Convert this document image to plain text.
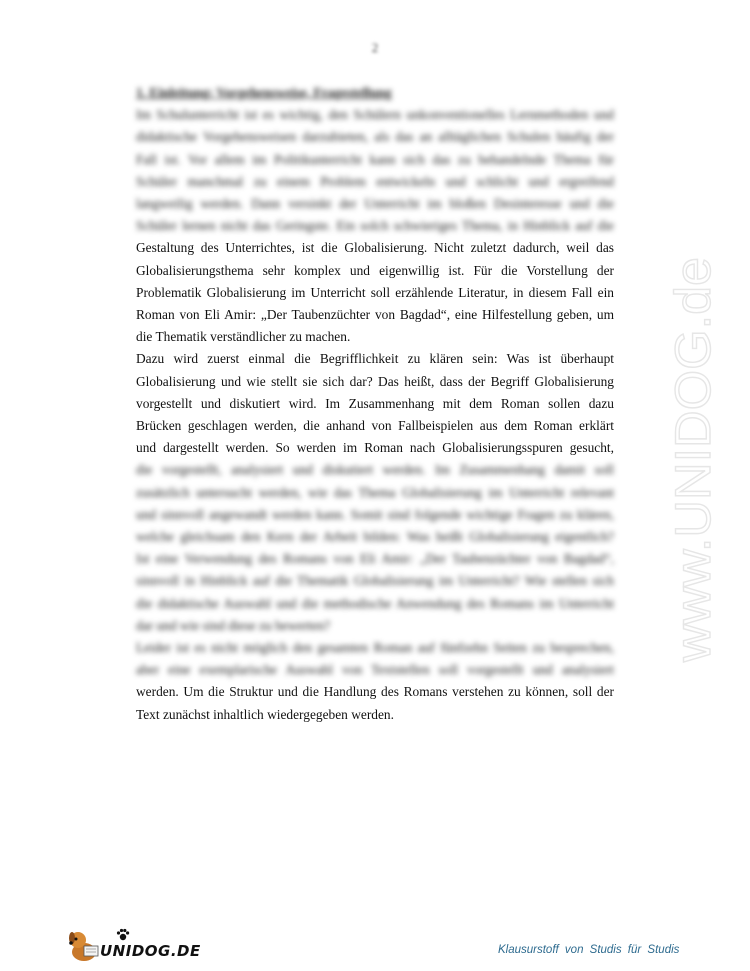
2
1. Einleitung: Vorgehensweise, Fragestellung
Im Schulunterricht ist es wichtig, den Schülern unkonventionelles Lernmethoden und
didaktische Vorgehensweisen darzubieten, als das an alltäglichen Schulen häufig der
Fall ist. Vor allem im Politikunterricht kann sich das zu behandelnde Thema für
Schüler manchmal zu einem Problem entwickeln und schlicht und ergreifend
langweilig werden. Dann versinkt der Unterricht im bloßen Desinteresse und die
Schüler lernen nicht das Geringste. Ein solch schwieriges Thema, in Hinblick auf die
Gestaltung des Unterrichtes, ist die Globalisierung. Nicht zuletzt dadurch, weil das
Globalisierungsthema sehr komplex und eigenwillig ist. Für die Vorstellung der
Problematik Globalisierung im Unterricht soll erzählende Literatur, in diesem Fall ein
Roman von Eli Amir: „Der Taubenzüchter von Bagdad“, eine Hilfestellung geben, um
die Thematik verständlicher zu machen.
Dazu wird zuerst einmal die Begrifflichkeit zu klären sein: Was ist überhaupt
Globalisierung und wie stellt sie sich dar? Das heißt, dass der Begriff Globalisierung
vorgestellt und diskutiert wird. Im Zusammenhang mit dem Roman sollen dazu
Brücken geschlagen werden, die anhand von Fallbeispielen aus dem Roman erklärt
und dargestellt werden. So werden im Roman nach Globalisierungsspuren gesucht,
die vorgestellt, analysiert und diskutiert werden. Im Zusammenhang damit soll
zusätzlich untersucht werden, wie das Thema Globalisierung im Unterricht relevant
und sinnvoll angewandt werden kann. Somit sind folgende wichtige Fragen zu klären,
welche gleichsam den Kern der Arbeit bilden: Was heißt Globalisierung eigentlich?
Ist eine Verwendung des Romans von Eli Amir: „Der Taubenzüchter von Bagdad“,
sinnvoll in Hinblick auf die Thematik Globalisierung im Unterricht? Wie stellen sich
die didaktische Auswahl und die methodische Anwendung des Romans im Unterricht
dar und wie sind diese zu bewerten?
Leider ist es nicht möglich den gesamten Roman auf fünfzehn Seiten zu besprechen,
aber eine exemplarische Auswahl von Textstellen soll vorgestellt und analysiert
werden. Um die Struktur und die Handlung des Romans verstehen zu können, soll der
Text zunächst inhaltlich wiedergegeben werden.
www.UNIDOG.de
UNIDOG.DE	Klausurstoff von Studis für Studis
